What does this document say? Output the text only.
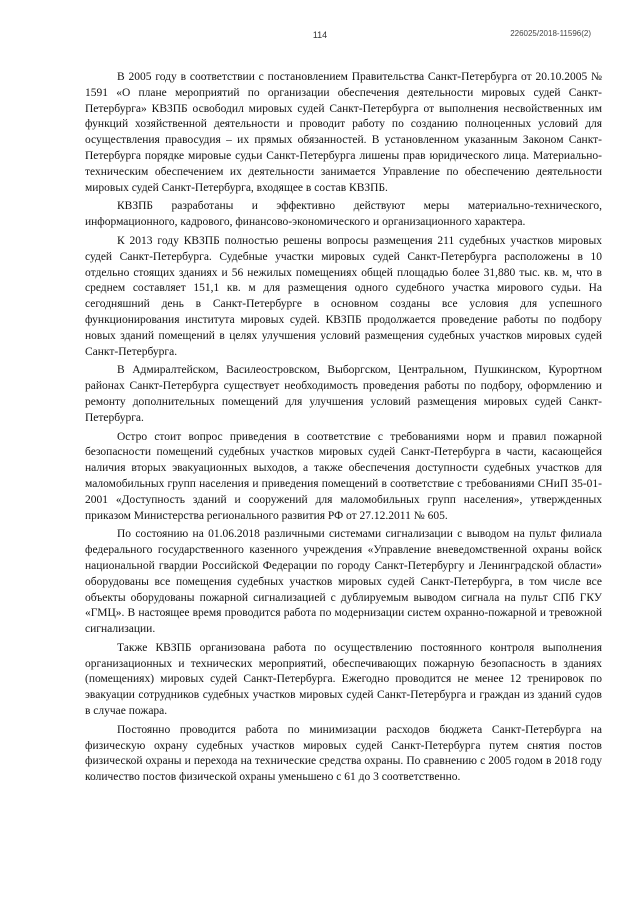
114	226025/2018-11596(2)

В 2005 году в соответствии с постановлением Правительства Санкт-Петербурга от 20.10.2005 № 1591 «О плане мероприятий по организации обеспечения деятельности мировых судей Санкт-Петербурга» КВЗПБ освободил мировых судей Санкт-Петербурга от выполнения несвойственных им функций хозяйственной деятельности и проводит работу по созданию полноценных условий для осуществления правосудия – их прямых обязанностей. В установленном указанным Законом Санкт-Петербурга порядке мировые судьи Санкт-Петербурга лишены прав юридического лица. Материально-техническим обеспечением их деятельности занимается Управление по обеспечению деятельности мировых судей Санкт-Петербурга, входящее в состав КВЗПБ.

КВЗПБ разработаны и эффективно действуют меры материально-технического, информационного, кадрового, финансово-экономического и организационного характера.

К 2013 году КВЗПБ полностью решены вопросы размещения 211 судебных участков мировых судей Санкт-Петербурга. Судебные участки мировых судей Санкт-Петербурга расположены в 10 отдельно стоящих зданиях и 56 нежилых помещениях общей площадью более 31,880 тыс. кв. м, что в среднем составляет 151,1 кв. м для размещения одного судебного участка мирового судьи. На сегодняшний день в Санкт-Петербурге в основном созданы все условия для успешного функционирования института мировых судей. КВЗПБ продолжается проведение работы по подбору новых зданий помещений в целях улучшения условий размещения судебных участков мировых судей Санкт-Петербурга.

В Адмиралтейском, Василеостровском, Выборгском, Центральном, Пушкинском, Курортном районах Санкт-Петербурга существует необходимость проведения работы по подбору, оформлению и ремонту дополнительных помещений для улучшения условий размещения мировых судей Санкт-Петербурга.

Остро стоит вопрос приведения в соответствие с требованиями норм и правил пожарной безопасности помещений судебных участков мировых судей Санкт-Петербурга в части, касающейся наличия вторых эвакуационных выходов, а также обеспечения доступности судебных участков для маломобильных групп населения и приведения помещений в соответствие с требованиями СНиП 35-01-2001 «Доступность зданий и сооружений для маломобильных групп населения», утвержденных приказом Министерства регионального развития РФ от 27.12.2011 № 605.

По состоянию на 01.06.2018 различными системами сигнализации с выводом на пульт филиала федерального государственного казенного учреждения «Управление вневедомственной охраны войск национальной гвардии Российской Федерации по городу Санкт-Петербургу и Ленинградской области» оборудованы все помещения судебных участков мировых судей Санкт-Петербурга, в том числе все объекты оборудованы пожарной сигнализацией с дублируемым выводом сигнала на пульт СПб ГКУ «ГМЦ». В настоящее время проводится работа по модернизации систем охранно-пожарной и тревожной сигнализации.

Также КВЗПБ организована работа по осуществлению постоянного контроля выполнения организационных и технических мероприятий, обеспечивающих пожарную безопасность в зданиях (помещениях) мировых судей Санкт-Петербурга. Ежегодно проводится не менее 12 тренировок по эвакуации сотрудников судебных участков мировых судей Санкт-Петербурга и граждан из зданий судов в случае пожара.

Постоянно проводится работа по минимизации расходов бюджета Санкт-Петербурга на физическую охрану судебных участков мировых судей Санкт-Петербурга путем снятия постов физической охраны и перехода на технические средства охраны. По сравнению с 2005 годом в 2018 году количество постов физической охраны уменьшено с 61 до 3 соответственно.
